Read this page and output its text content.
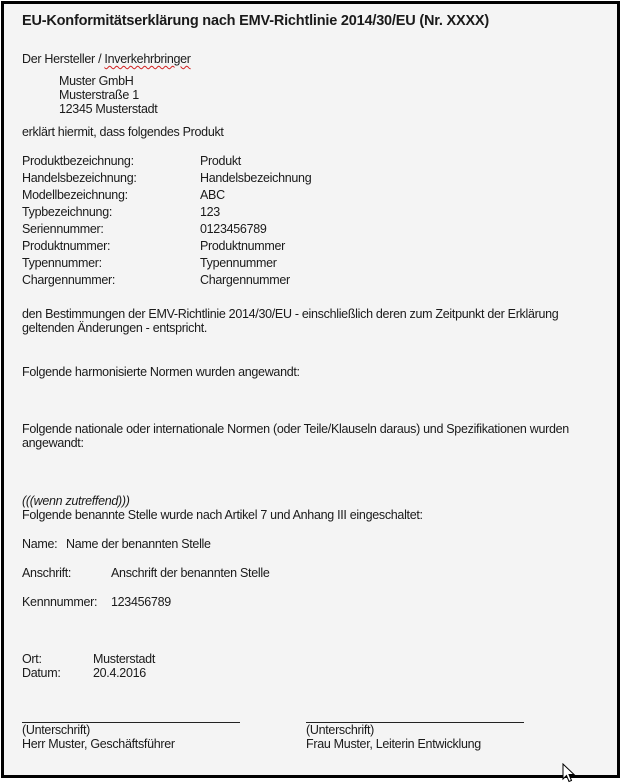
EU-Konformitätserklärung nach EMV-Richtlinie 2014/30/EU (Nr. XXXX)
Der Hersteller / Inverkehrbringer
Muster GmbH
Musterstraße 1
12345 Musterstadt
erklärt hiermit, dass folgendes Produkt
Produktbezeichnung:	Produkt
Handelsbezeichnung:	Handelsbezeichnung
Modellbezeichnung:	ABC
Typbezeichnung:	123
Seriennummer:	0123456789
Produktnummer:	Produktnummer
Typennummer:	Typennummer
Chargennummer:	Chargennummer
den Bestimmungen der EMV-Richtlinie 2014/30/EU - einschließlich deren zum Zeitpunkt der Erklärung
geltenden Änderungen - entspricht.
Folgende harmonisierte Normen wurden angewandt:
Folgende nationale oder internationale Normen (oder Teile/Klauseln daraus) und Spezifikationen wurden
angewandt:
(((wenn zutreffend)))
Folgende benannte Stelle wurde nach Artikel 7 und Anhang III eingeschaltet:
Name: Name der benannten Stelle
Anschrift:	Anschrift der benannten Stelle
Kennnummer: 123456789
Ort:	Musterstadt
Datum:	20.4.2016
(Unterschrift)
Herr Muster, Geschäftsführer
(Unterschrift)
Frau Muster, Leiterin Entwicklung
